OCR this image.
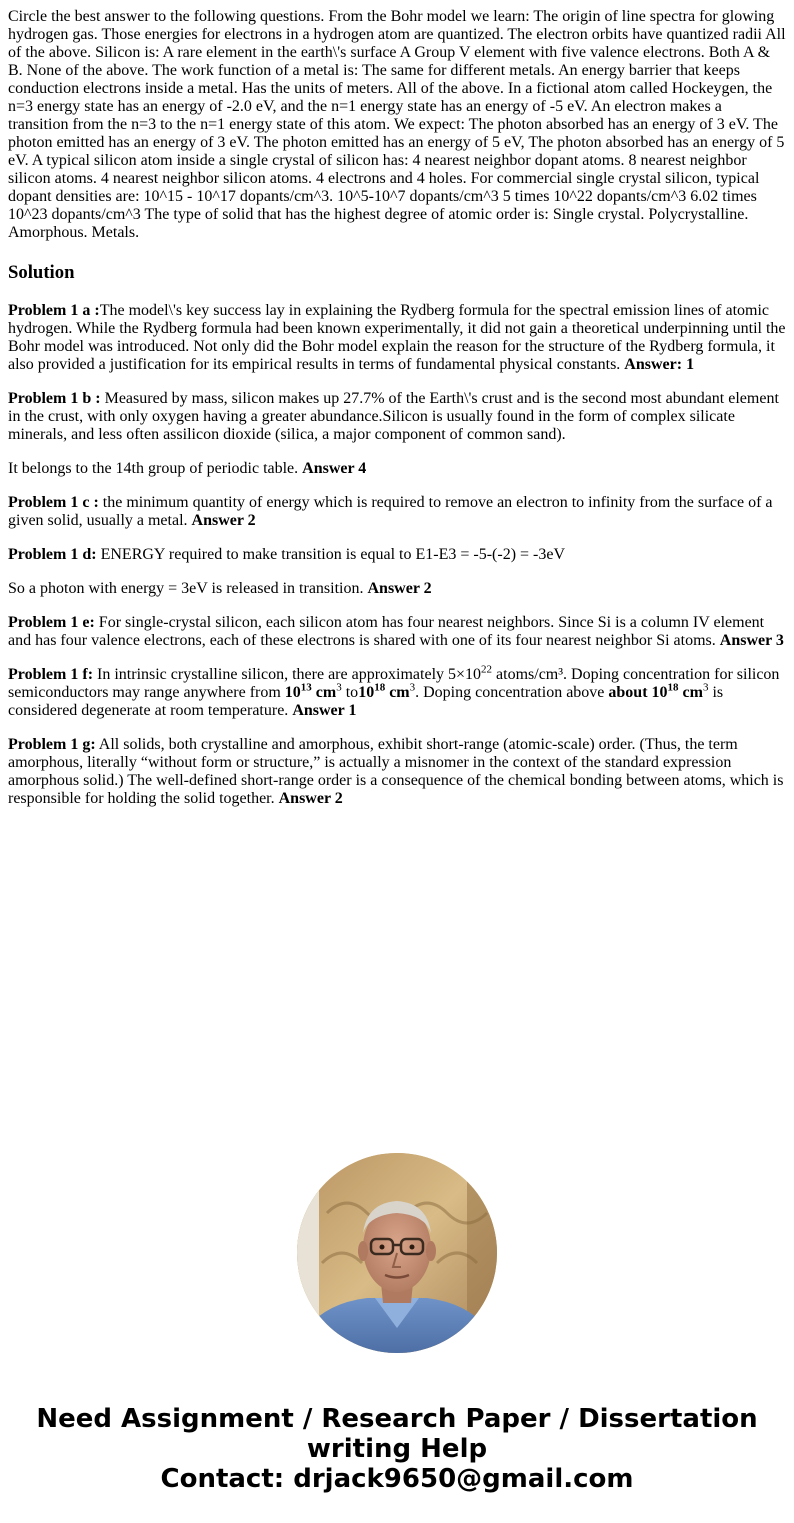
Circle the best answer to the following questions. From the Bohr model we learn: The origin of line spectra for glowing hydrogen gas. Those energies for electrons in a hydrogen atom are quantized. The electron orbits have quantized radii All of the above. Silicon is: A rare element in the earth\'s surface A Group V element with five valence electrons. Both A & B. None of the above. The work function of a metal is: The same for different metals. An energy barrier that keeps conduction electrons inside a metal. Has the units of meters. All of the above. In a fictional atom called Hockeygen, the n=3 energy state has an energy of -2.0 eV, and the n=1 energy state has an energy of -5 eV. An electron makes a transition from the n=3 to the n=1 energy state of this atom. We expect: The photon absorbed has an energy of 3 eV. The photon emitted has an energy of 3 eV. The photon emitted has an energy of 5 eV, The photon absorbed has an energy of 5 eV. A typical silicon atom inside a single crystal of silicon has: 4 nearest neighbor dopant atoms. 8 nearest neighbor silicon atoms. 4 nearest neighbor silicon atoms. 4 electrons and 4 holes. For commercial single crystal silicon, typical dopant densities are: 10^15 - 10^17 dopants/cm^3. 10^5-10^7 dopants/cm^3 5 times 10^22 dopants/cm^3 6.02 times 10^23 dopants/cm^3 The type of solid that has the highest degree of atomic order is: Single crystal. Polycrystalline. Amorphous. Metals.

Solution

Problem 1 a :The model\'s key success lay in explaining the Rydberg formula for the spectral emission lines of atomic hydrogen. While the Rydberg formula had been known experimentally, it did not gain a theoretical underpinning until the Bohr model was introduced. Not only did the Bohr model explain the reason for the structure of the Rydberg formula, it also provided a justification for its empirical results in terms of fundamental physical constants. Answer: 1

Problem 1 b : Measured by mass, silicon makes up 27.7% of the Earth\'s crust and is the second most abundant element in the crust, with only oxygen having a greater abundance.Silicon is usually found in the form of complex silicate minerals, and less often assilicon dioxide (silica, a major component of common sand).

It belongs to the 14th group of periodic table. Answer 4

Problem 1 c : the minimum quantity of energy which is required to remove an electron to infinity from the surface of a given solid, usually a metal. Answer 2

Problem 1 d: ENERGY required to make transition is equal to E1-E3 = -5-(-2) = -3eV

So a photon with energy = 3eV is released in transition. Answer 2

Problem 1 e: For single-crystal silicon, each silicon atom has four nearest neighbors. Since Si is a column IV element and has four valence electrons, each of these electrons is shared with one of its four nearest neighbor Si atoms. Answer 3

Problem 1 f: In intrinsic crystalline silicon, there are approximately $5\times 10^{22}$ atoms/cm³. Doping concentration for silicon semiconductors may range anywhere from $10^{13}$ $cm^3$ $to10^{18}$ $cm^3$. Doping concentration above about $10^{18}$ $cm^3$ is considered degenerate at room temperature. Answer 1

Problem 1 g: All solids, both crystalline and amorphous, exhibit short-range (atomic-scale) order. (Thus, the term amorphous, literally “without form or structure,” is actually a misnomer in the context of the standard expression amorphous solid.) The well-defined short-range order is a consequence of the chemical bonding between atoms, which is responsible for holding the solid together. Answer 2

Need Assignment / Research Paper / Dissertation
writing Help
Contact: drjack9650@gmail.com
